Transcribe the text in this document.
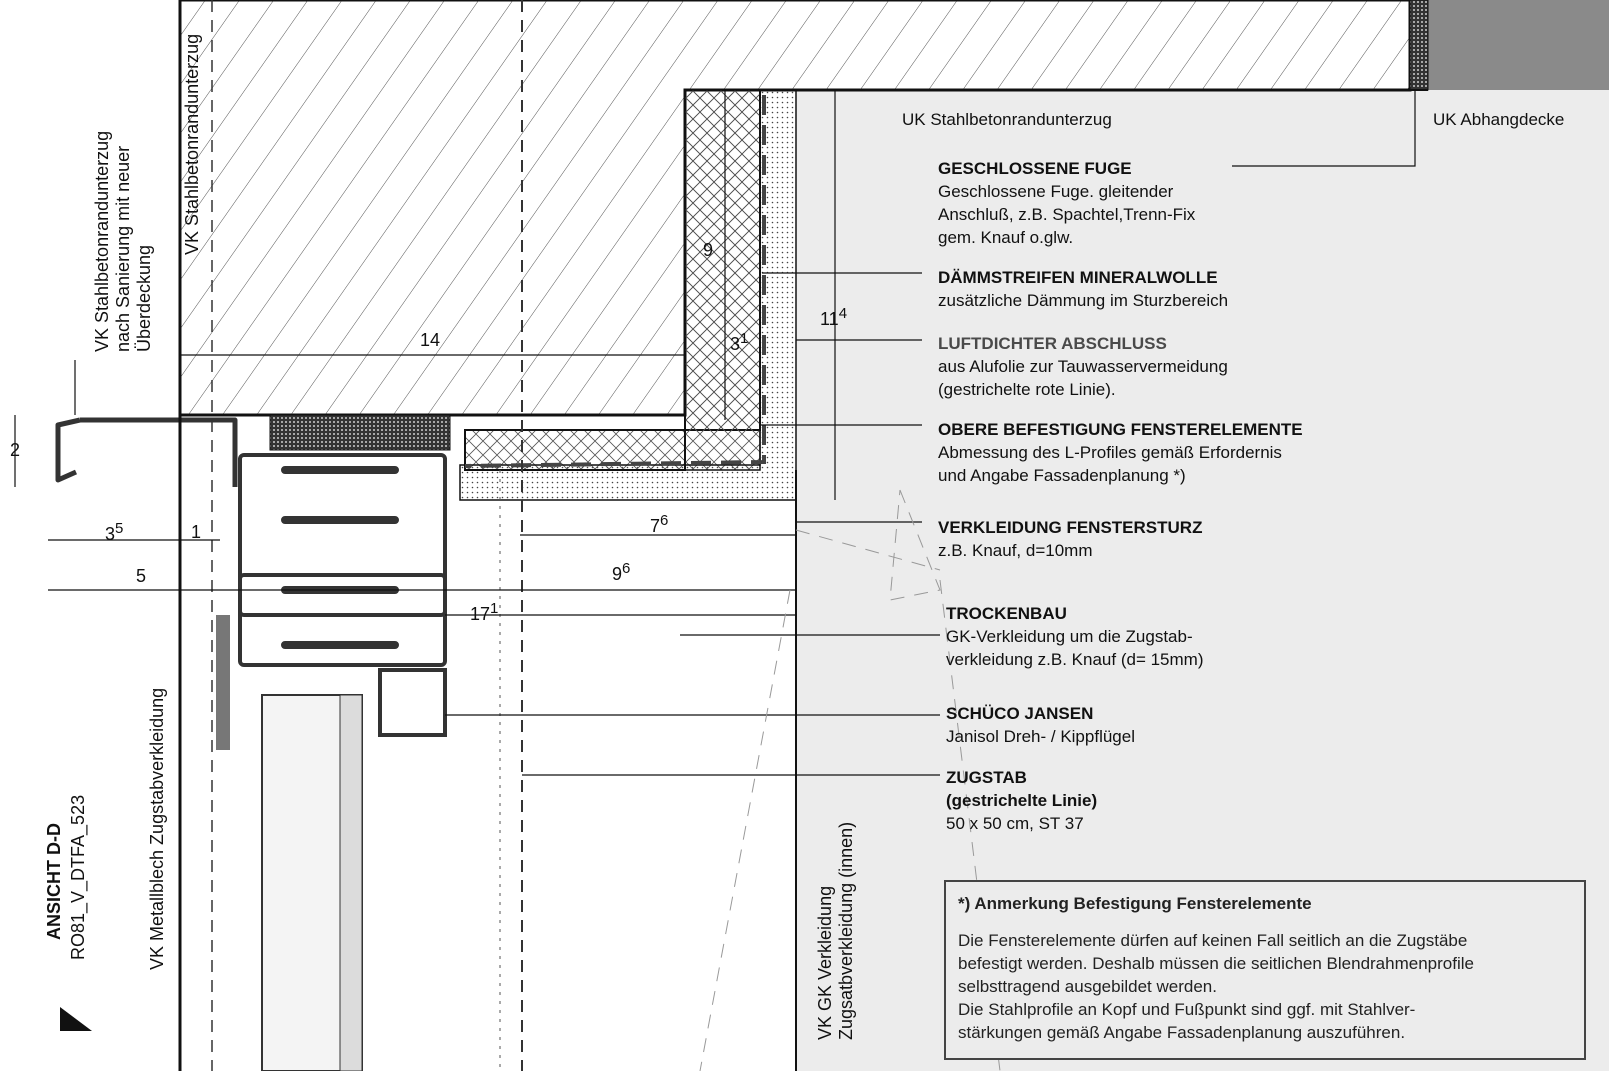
UK Stahlbetonrandunterzug	UK Abhangdecke
GESCHLOSSENE FUGE
Geschlossene Fuge. gleitender
Anschluß, z.B. Spachtel,Trenn-Fix
gem. Knauf o.glw.
DÄMMSTREIFEN MINERALWOLLE
zusätzliche Dämmung im Sturzbereich
LUFTDICHTER ABSCHLUSS
aus Alufolie zur Tauwasservermeidung
(gestrichelte rote Linie).
OBERE BEFESTIGUNG FENSTERELEMENTE
Abmessung des L-Profiles gemäß Erfordernis
und Angabe Fassadenplanung *)
VERKLEIDUNG FENSTERSTURZ
z.B. Knauf, d=10mm
TROCKENBAU
GK-Verkleidung um die Zugstab-
verkleidung z.B. Knauf (d= 15mm)
SCHÜCO JANSEN
Janisol Dreh- / Kippflügel
ZUGSTAB
(gestrichelte Linie)
50 x 50 cm, ST 37
*) Anmerkung Befestigung Fensterelemente
Die Fensterelemente dürfen auf keinen Fall seitlich an die Zugstäbe
befestigt werden. Deshalb müssen die seitlichen Blendrahmenprofile
selbsttragend ausgebildet werden.
Die Stahlprofile an Kopf und Fußpunkt sind ggf. mit Stahlver-
stärkungen gemäß Angabe Fassadenplanung auszuführen.
14
9
$3^1$
$11^4$
2
$3^5$	1
5
$7^6$
$9^6$
$17^1$
VK Stahlbetonrandunterzug nach Sanierung mit neuer Überdeckung
VK Stahlbetonrandunterzug
VK Metallblech Zugstabverkleidung
ANSICHT D-D RO81_V_DTFA_523
VK GK Verkleidung Zugsatbverkleidung (innen)
